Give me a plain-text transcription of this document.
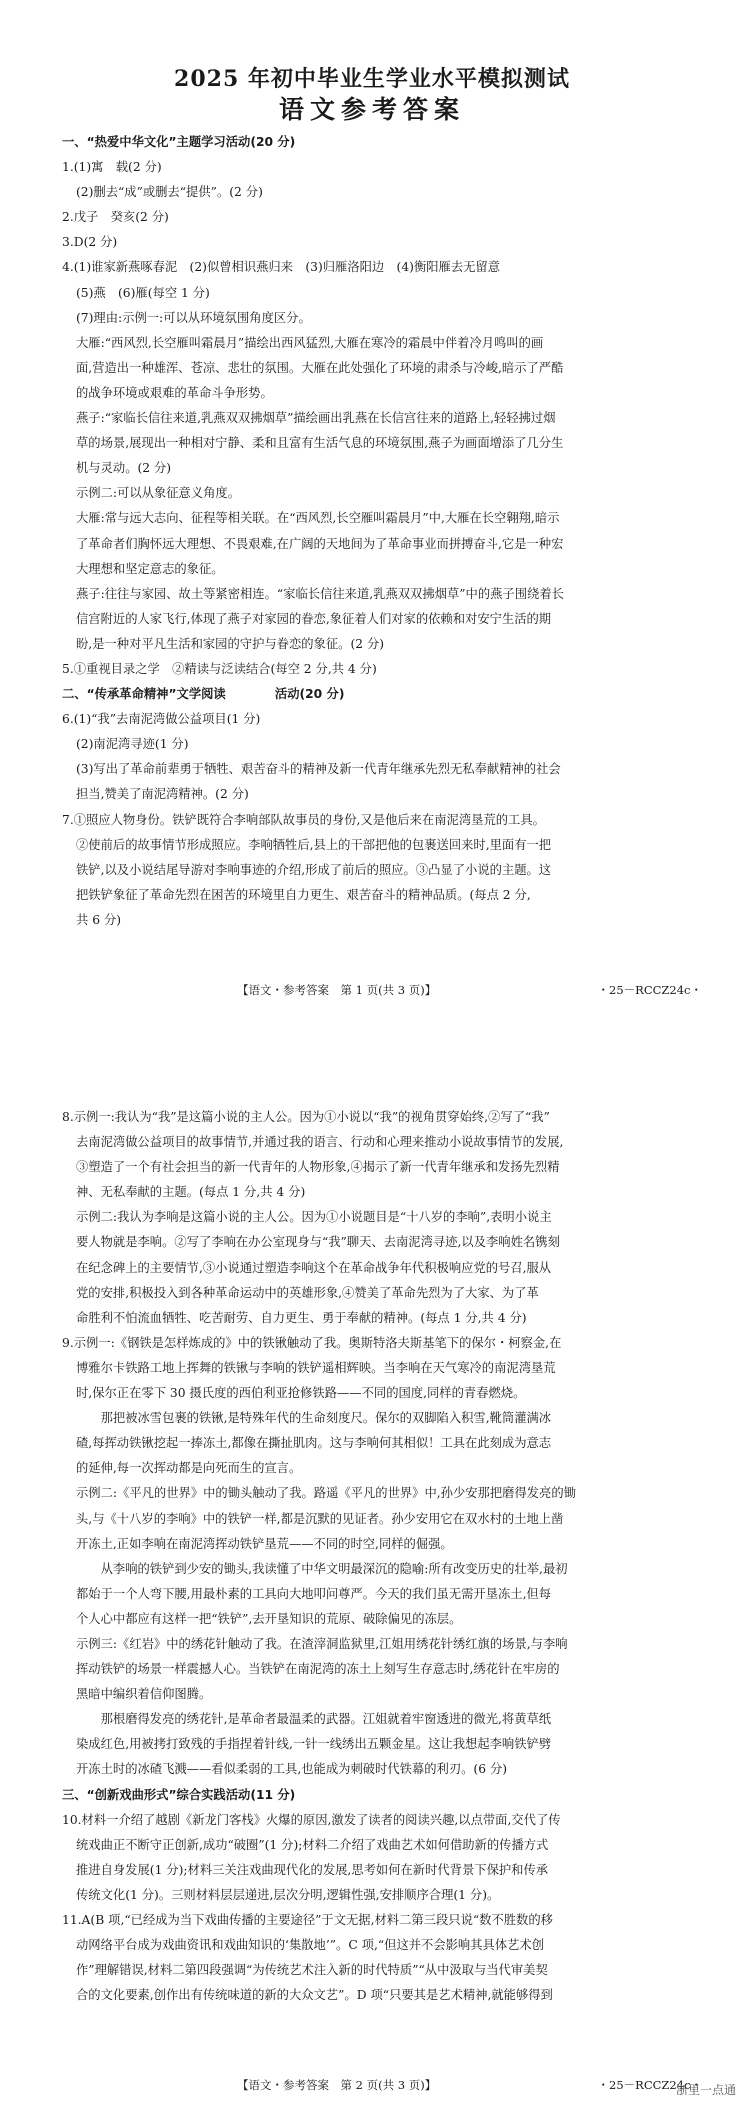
2025 年初中毕业生学业水平模拟测试
语文参考答案
一、“热爱中华文化”主题学习活动(20 分)
1.(1)寓　载(2 分)
(2)删去“成”或删去“提供”。(2 分)
2.戊子　癸亥(2 分)
3.D(2 分)
4.(1)谁家新燕啄春泥　(2)似曾相识燕归来　(3)归雁洛阳边　(4)衡阳雁去无留意
(5)燕　(6)雁(每空 1 分)
(7)理由:示例一:可以从环境氛围角度区分。
大雁:“西风烈,长空雁叫霜晨月”描绘出西风猛烈,大雁在寒冷的霜晨中伴着冷月鸣叫的画
面,营造出一种雄浑、苍凉、悲壮的氛围。大雁在此处强化了环境的肃杀与冷峻,暗示了严酷
的战争环境或艰难的革命斗争形势。
燕子:“家临长信往来道,乳燕双双拂烟草”描绘画出乳燕在长信宫往来的道路上,轻轻拂过烟
草的场景,展现出一种相对宁静、柔和且富有生活气息的环境氛围,燕子为画面增添了几分生
机与灵动。(2 分)
示例二:可以从象征意义角度。
大雁:常与远大志向、征程等相关联。在“西风烈,长空雁叫霜晨月”中,大雁在长空翱翔,暗示
了革命者们胸怀远大理想、不畏艰难,在广阔的天地间为了革命事业而拼搏奋斗,它是一种宏
大理想和坚定意志的象征。
燕子:往往与家园、故土等紧密相连。“家临长信往来道,乳燕双双拂烟草”中的燕子围绕着长
信宫附近的人家飞行,体现了燕子对家园的眷恋,象征着人们对家的依赖和对安宁生活的期
盼,是一种对平凡生活和家园的守护与眷恋的象征。(2 分)
5.①重视目录之学　②精读与泛读结合(每空 2 分,共 4 分)
二、“传承革命精神”文学阅读　　　　活动(20 分)
6.(1)“我”去南泥湾做公益项目(1 分)
(2)南泥湾寻迹(1 分)
(3)写出了革命前辈勇于牺牲、艰苦奋斗的精神及新一代青年继承先烈无私奉献精神的社会
担当,赞美了南泥湾精神。(2 分)
7.①照应人物身份。铁铲既符合李响部队故事员的身份,又是他后来在南泥湾垦荒的工具。
②使前后的故事情节形成照应。李响牺牲后,县上的干部把他的包裹送回来时,里面有一把
铁铲,以及小说结尾导游对李响事迹的介绍,形成了前后的照应。③凸显了小说的主题。这
把铁铲象征了革命先烈在困苦的环境里自力更生、艰苦奋斗的精神品质。(每点 2 分,
共 6 分)
【语文・参考答案　第 1 页(共 3 页)】	・25－RCCZ24c・
8.示例一:我认为“我”是这篇小说的主人公。因为①小说以“我”的视角贯穿始终,②写了“我”
去南泥湾做公益项目的故事情节,并通过我的语言、行动和心理来推动小说故事情节的发展,
③塑造了一个有社会担当的新一代青年的人物形象,④揭示了新一代青年继承和发扬先烈精
神、无私奉献的主题。(每点 1 分,共 4 分)
示例二:我认为李响是这篇小说的主人公。因为①小说题目是“十八岁的李响”,表明小说主
要人物就是李响。②写了李响在办公室现身与“我”聊天、去南泥湾寻迹,以及李响姓名镌刻
在纪念碑上的主要情节,③小说通过塑造李响这个在革命战争年代积极响应党的号召,服从
党的安排,积极投入到各种革命运动中的英雄形象,④赞美了革命先烈为了大家、为了革
命胜利不怕流血牺牲、吃苦耐劳、自力更生、勇于奉献的精神。(每点 1 分,共 4 分)
9.示例一:《钢铁是怎样炼成的》中的铁锹触动了我。奥斯特洛夫斯基笔下的保尔・柯察金,在
博雅尔卡铁路工地上挥舞的铁锹与李响的铁铲遥相辉映。当李响在天气寒冷的南泥湾垦荒
时,保尔正在零下 30 摄氏度的西伯利亚抢修铁路——不同的国度,同样的青春燃烧。
　　那把被冰雪包裹的铁锹,是特殊年代的生命刻度尺。保尔的双脚陷入积雪,靴筒灌满冰
碴,每挥动铁锹挖起一捧冻土,都像在撕扯肌肉。这与李响何其相似！工具在此刻成为意志
的延伸,每一次挥动都是向死而生的宣言。
示例二:《平凡的世界》中的锄头触动了我。路遥《平凡的世界》中,孙少安那把磨得发亮的锄
头,与《十八岁的李响》中的铁铲一样,都是沉默的见证者。孙少安用它在双水村的土地上凿
开冻土,正如李响在南泥湾挥动铁铲垦荒——不同的时空,同样的倔强。
　　从李响的铁铲到少安的锄头,我读懂了中华文明最深沉的隐喻:所有改变历史的壮举,最初
都始于一个人弯下腰,用最朴素的工具向大地叩问尊严。今天的我们虽无需开垦冻土,但每
个人心中都应有这样一把“铁铲”,去开垦知识的荒原、破除偏见的冻层。
示例三:《红岩》中的绣花针触动了我。在渣滓洞监狱里,江姐用绣花针绣红旗的场景,与李响
挥动铁铲的场景一样震撼人心。当铁铲在南泥湾的冻土上刻写生存意志时,绣花针在牢房的
黑暗中编织着信仰图腾。
　　那根磨得发亮的绣花针,是革命者最温柔的武器。江姐就着牢窗透进的微光,将黄草纸
染成红色,用被拷打致残的手指捏着针线,一针一线绣出五颗金星。这让我想起李响铁铲劈
开冻土时的冰碴飞溅——看似柔弱的工具,也能成为刺破时代铁幕的利刃。(6 分)
三、“创新戏曲形式”综合实践活动(11 分)
10.材料一介绍了越剧《新龙门客栈》火爆的原因,激发了读者的阅读兴趣,以点带面,交代了传
统戏曲正不断守正创新,成功“破圈”(1 分);材料二介绍了戏曲艺术如何借助新的传播方式
推进自身发展(1 分);材料三关注戏曲现代化的发展,思考如何在新时代背景下保护和传承
传统文化(1 分)。三则材料层层递进,层次分明,逻辑性强,安排顺序合理(1 分)。
11.A(B 项,“已经成为当下戏曲传播的主要途径”于文无据,材料二第三段只说“数不胜数的移
动网络平台成为戏曲资讯和戏曲知识的‘集散地’”。C 项,“但这并不会影响其具体艺术创
作”理解错误,材料二第四段强调“为传统艺术注入新的时代特质”“从中汲取与当代审美契
合的文化要素,创作出有传统味道的新的大众文艺”。D 项“只要其是艺术精神,就能够得到
【语文・参考答案　第 2 页(共 3 页)】	・25－RCCZ24c・
浙里一点通
